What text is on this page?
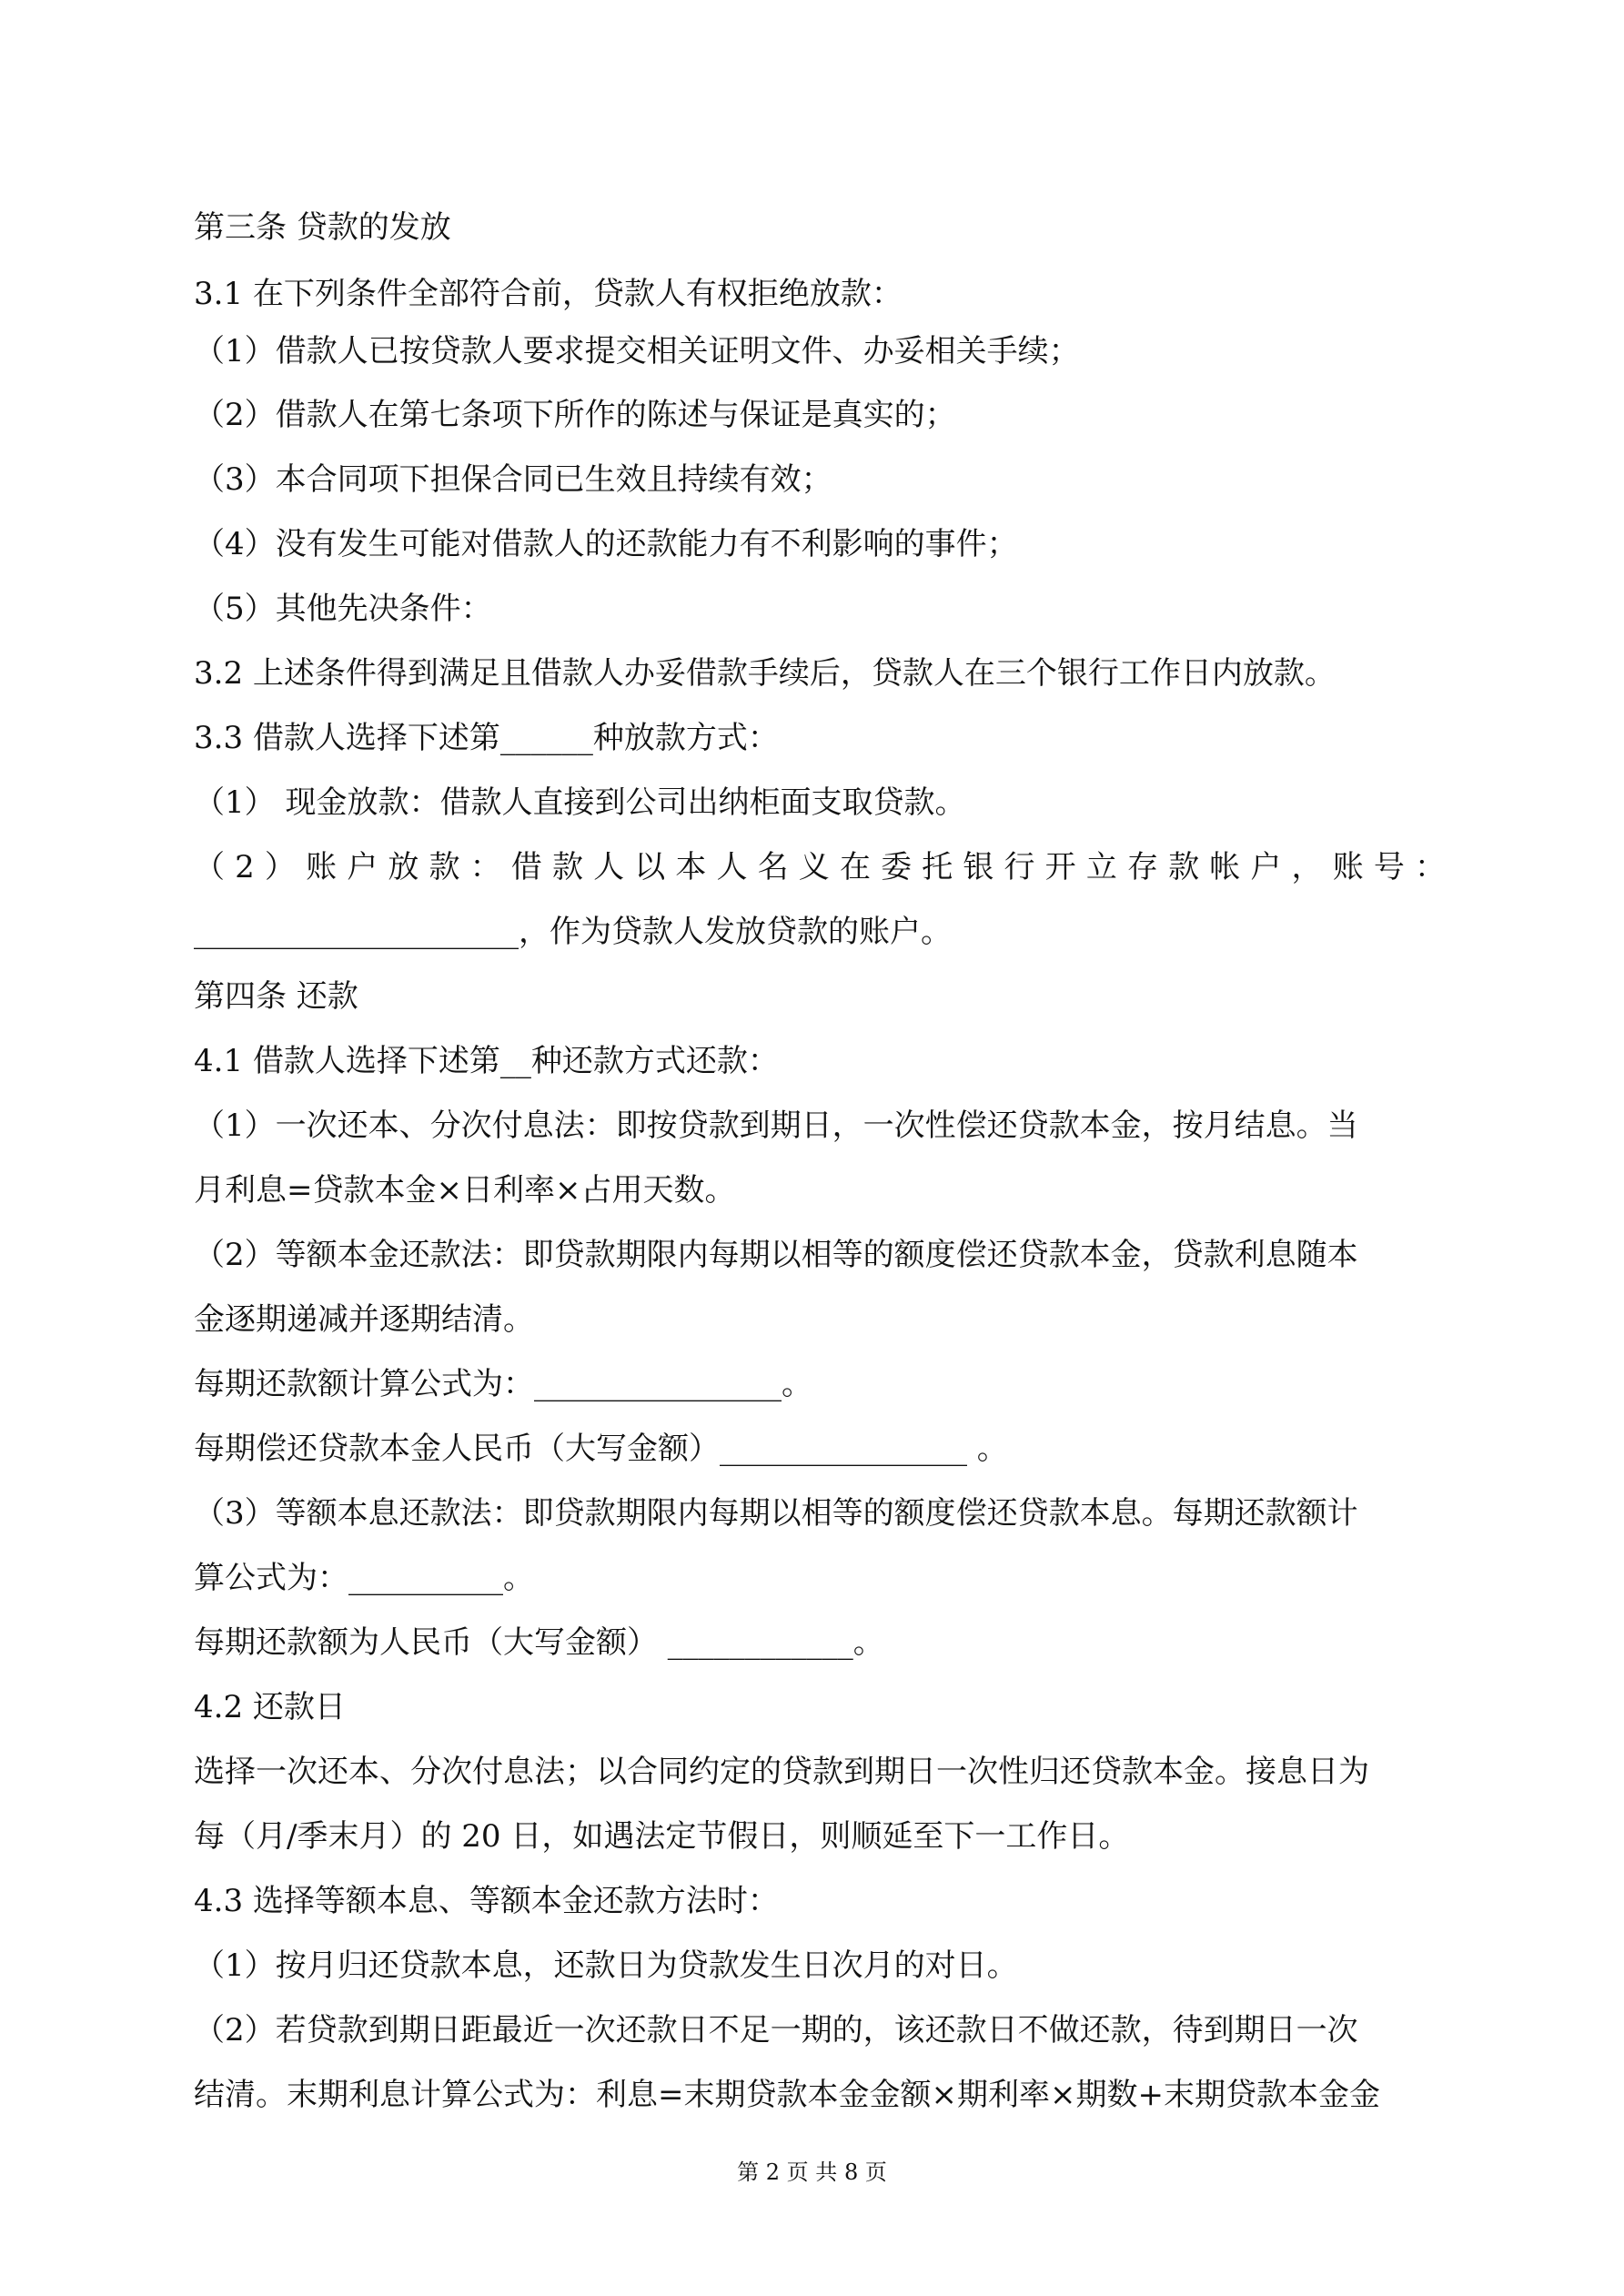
第三条 贷款的发放

3.1 在下列条件全部符合前，贷款人有权拒绝放款：

（1）借款人已按贷款人要求提交相关证明文件、办妥相关手续；

（2）借款人在第七条项下所作的陈述与保证是真实的；

（3）本合同项下担保合同已生效且持续有效；

（4）没有发生可能对借款人的还款能力有不利影响的事件；

（5）其他先决条件：

3.2 上述条件得到满足且借款人办妥借款手续后，贷款人在三个银行工作日内放款。

3.3 借款人选择下述第______种放款方式：

（1） 现金放款：借款人直接到公司出纳柜面支取贷款。

（2）账户放款：借款人以本人名义在委托银行开立存款帐户，账号：

_____________________，作为贷款人发放贷款的账户。

第四条 还款

4.1 借款人选择下述第__种还款方式还款：

（1）一次还本、分次付息法：即按贷款到期日，一次性偿还贷款本金，按月结息。当

月利息=贷款本金×日利率×占用天数。

（2）等额本金还款法：即贷款期限内每期以相等的额度偿还贷款本金，贷款利息随本

金逐期递减并逐期结清。

每期还款额计算公式为：________________。

每期偿还贷款本金人民币（大写金额）________________ 。

（3）等额本息还款法：即贷款期限内每期以相等的额度偿还贷款本息。每期还款额计

算公式为：__________。

每期还款额为人民币（大写金额） ____________。

4.2 还款日

选择一次还本、分次付息法；以合同约定的贷款到期日一次性归还贷款本金。接息日为

每（月/季末月）的 20 日，如遇法定节假日，则顺延至下一工作日。

4.3 选择等额本息、等额本金还款方法时：

（1）按月归还贷款本息，还款日为贷款发生日次月的对日。

（2）若贷款到期日距最近一次还款日不足一期的，该还款日不做还款，待到期日一次

结清。末期利息计算公式为：利息=末期贷款本金金额×期利率×期数+末期贷款本金金

第 2 页 共 8 页
